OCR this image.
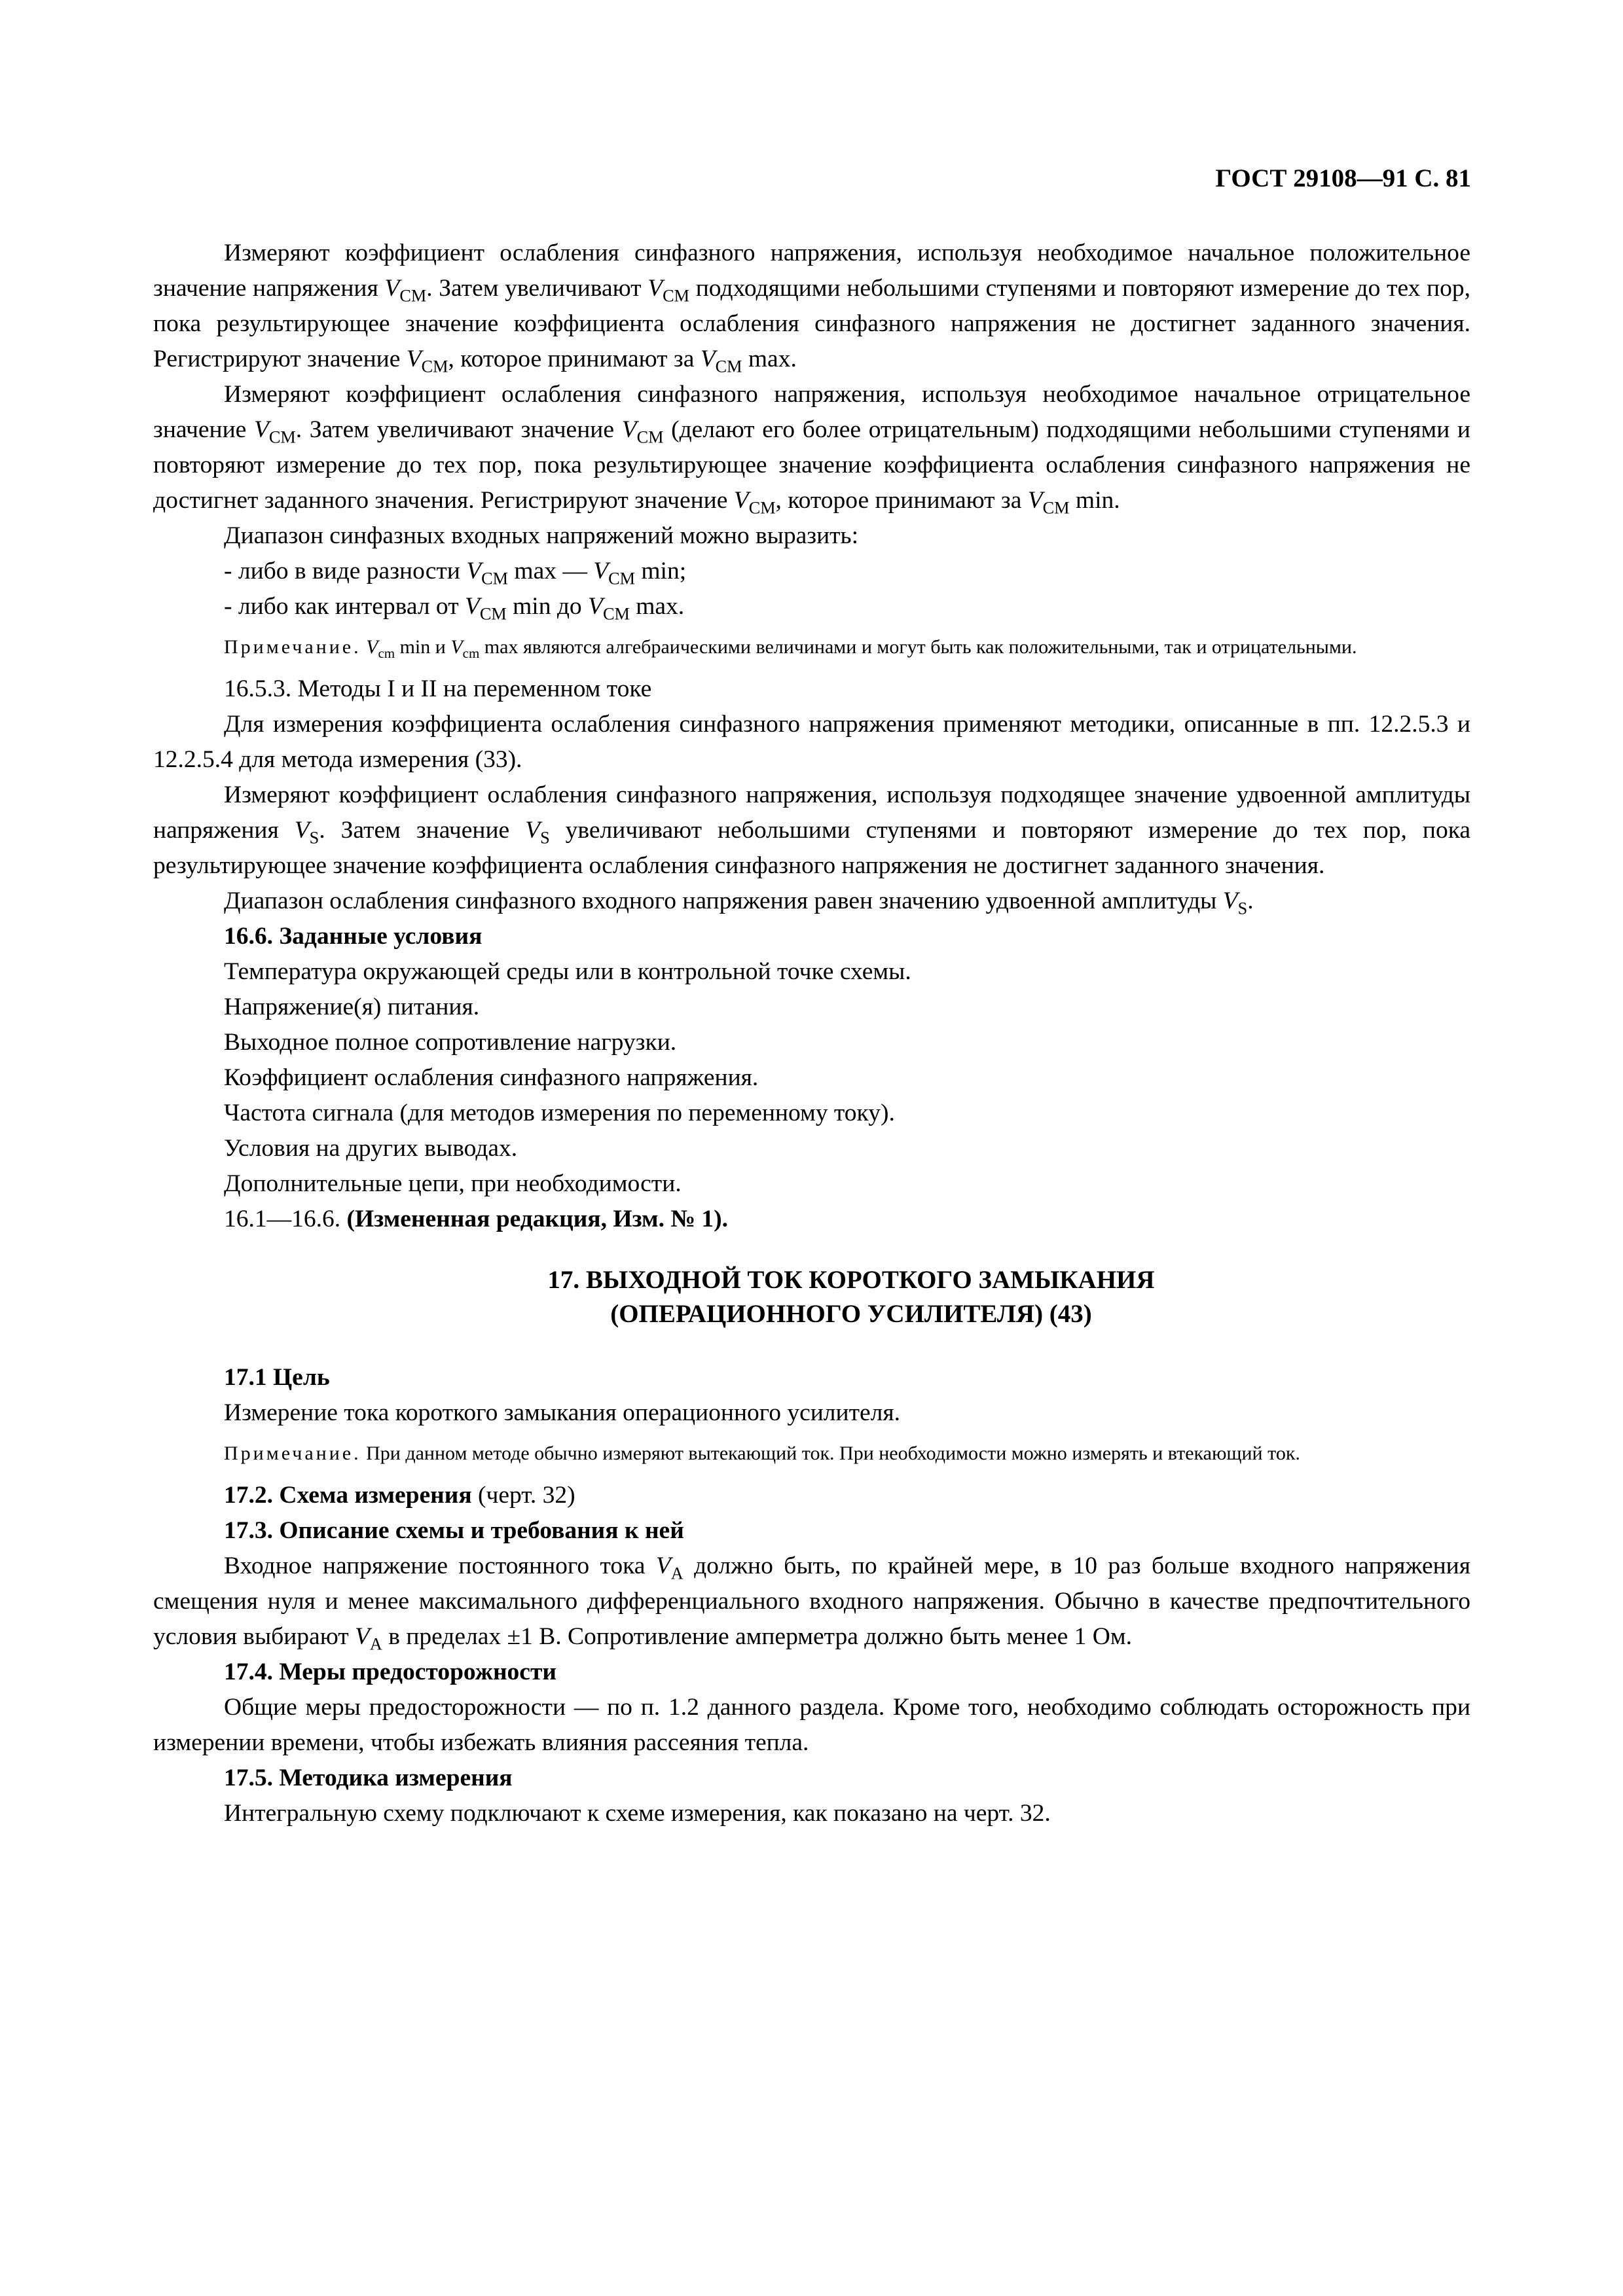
ГОСТ 29108—91 С. 81

Измеряют коэффициент ослабления синфазного напряжения, используя необходимое начальное положительное значение напряжения $V_{CM}$. Затем увеличивают $V_{CM}$ подходящими небольшими ступенями и повторяют измерение до тех пор, пока результирующее значение коэффициента ослабления синфазного напряжения не достигнет заданного значения. Регистрируют значение $V_{CM}$, которое принимают за $V_{CM}$ max.

Измеряют коэффициент ослабления синфазного напряжения, используя необходимое начальное отрицательное значение $V_{CM}$. Затем увеличивают значение $V_{CM}$ (делают его более отрицательным) подходящими небольшими ступенями и повторяют измерение до тех пор, пока результирующее значение коэффициента ослабления синфазного напряжения не достигнет заданного значения. Регистрируют значение $V_{CM}$, которое принимают за $V_{CM}$ min.

Диапазон синфазных входных напряжений можно выразить:
- либо в виде разности $V_{CM}$ max — $V_{CM}$ min;
- либо как интервал от $V_{CM}$ min до $V_{CM}$ max.

Примечание. $V_{cm}$ min и $V_{cm}$ max являются алгебраическими величинами и могут быть как положительными, так и отрицательными.

16.5.3. Методы I и II на переменном токе

Для измерения коэффициента ослабления синфазного напряжения применяют методики, описанные в пп. 12.2.5.3 и 12.2.5.4 для метода измерения (33).

Измеряют коэффициент ослабления синфазного напряжения, используя подходящее значение удвоенной амплитуды напряжения $V_S$. Затем значение $V_S$ увеличивают небольшими ступенями и повторяют измерение до тех пор, пока результирующее значение коэффициента ослабления синфазного напряжения не достигнет заданного значения.

Диапазон ослабления синфазного входного напряжения равен значению удвоенной амплитуды $V_S$.

16.6. Заданные условия
Температура окружающей среды или в контрольной точке схемы.
Напряжение(я) питания.
Выходное полное сопротивление нагрузки.
Коэффициент ослабления синфазного напряжения.
Частота сигнала (для методов измерения по переменному току).
Условия на других выводах.
Дополнительные цепи, при необходимости.
16.1—16.6. (Измененная редакция, Изм. № 1).
17. ВЫХОДНОЙ ТОК КОРОТКОГО ЗАМЫКАНИЯ
(ОПЕРАЦИОННОГО УСИЛИТЕЛЯ) (43)
17.1 Цель
Измерение тока короткого замыкания операционного усилителя.

Примечание. При данном методе обычно измеряют вытекающий ток. При необходимости можно измерять и втекающий ток.

17.2. Схема измерения (черт. 32)
17.3. Описание схемы и требования к ней

Входное напряжение постоянного тока $V_A$ должно быть, по крайней мере, в 10 раз больше входного напряжения смещения нуля и менее максимального дифференциального входного напряжения. Обычно в качестве предпочтительного условия выбирают $V_A$ в пределах ±1 В. Сопротивление амперметра должно быть менее 1 Ом.

17.4. Меры предосторожности

Общие меры предосторожности — по п. 1.2 данного раздела. Кроме того, необходимо соблюдать осторожность при измерении времени, чтобы избежать влияния рассеяния тепла.

17.5. Методика измерения
Интегральную схему подключают к схеме измерения, как показано на черт. 32.
